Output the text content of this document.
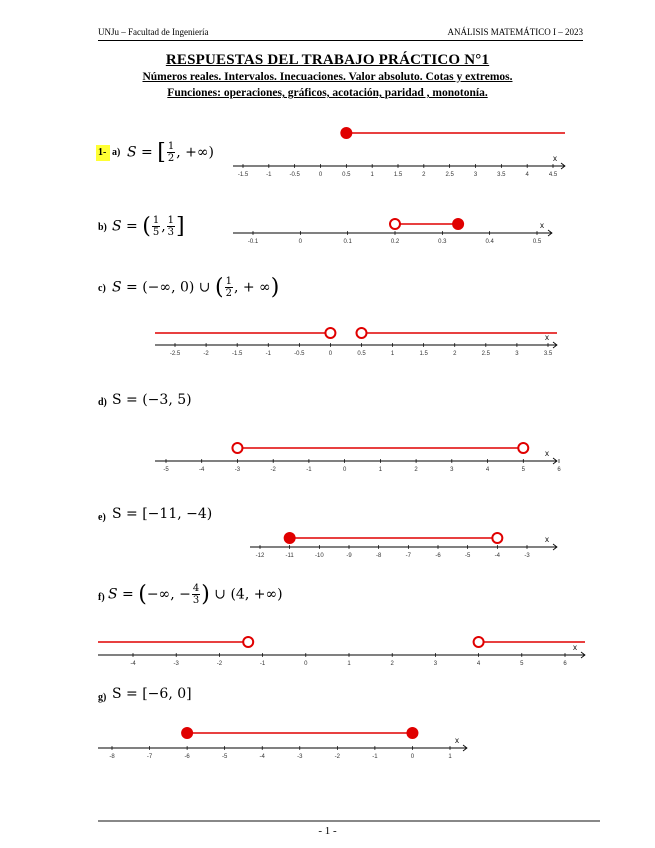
UNJu – Facultad de Ingeniería	ANÁLISIS MATEMÁTICO I – 2023
RESPUESTAS DEL TRABAJO PRÁCTICO N°1
Números reales. Intervalos. Inecuaciones. Valor absoluto. Cotas y extremos.
Funciones: operaciones, gráficos, acotación, paridad , monotonía.
1- a) S = [ $\frac{1}{2}$ , +∞)
b) S = ( $\frac{1}{5}$ , $\frac{1}{3}$ ]
c) S = (−∞, 0) ∪ ( $\frac{1}{2}$ , + ∞)
d) S = (−3, 5)
e) S = [−11, −4)
f) S = (−∞, − $\frac{4}{3}$ ) ∪ (4, +∞)
g) S = [−6, 0]
x
-1.5	-1	-0.5	0	0.5	1	1.5	2	2.5	3	3.5	4	4.5
x
-0.1	0	0.1	0.2	0.3	0.4	0.5
x
-2.5	-2	-1.5	-1	-0.5	0	0.5	1	1.5	2	2.5	3	3.5
x
-5	-4	-3	-2	-1	0	1	2	3	4	5	6
x
-12	-11	-10	-9	-8	-7	-6	-5	-4	-3
x
-4	-3	-2	-1	0	1	2	3	4	5	6
x
-8	-7	-6	-5	-4	-3	-2	-1	0	1
- 1 -
